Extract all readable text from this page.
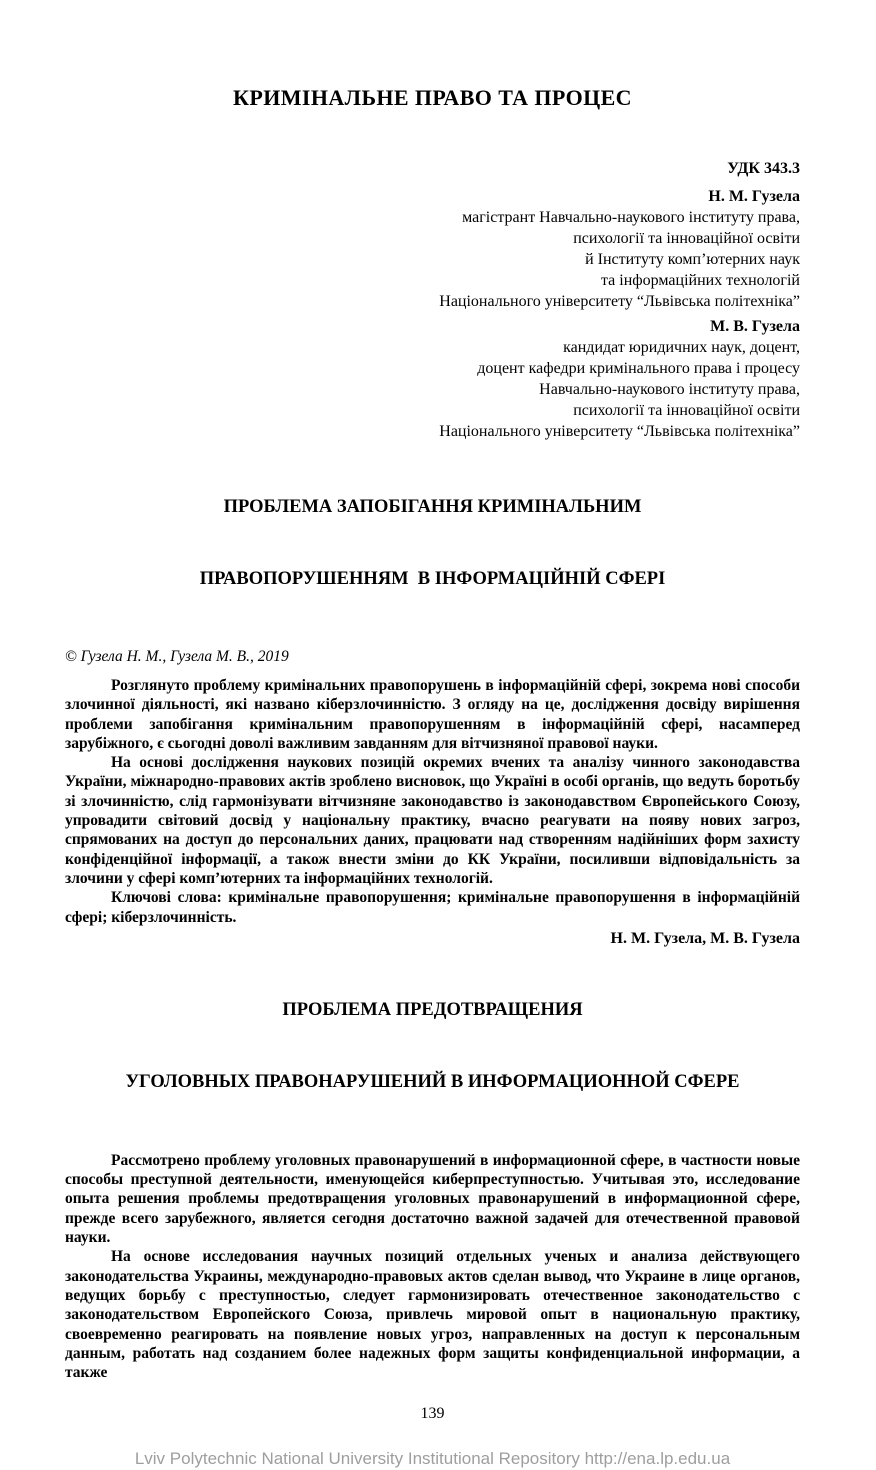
КРИМІНАЛЬНЕ ПРАВО ТА ПРОЦЕС
УДК 343.3
Н. М. Гузела
магістрант Навчально-наукового інституту права,
психології та інноваційної освіти
й Інституту комп’ютерних наук
та інформаційних технологій
Національного університету “Львівська політехніка”
М. В. Гузела
кандидат юридичних наук, доцент,
доцент кафедри кримінального права і процесу
Навчально-наукового інституту права,
психології та інноваційної освіти
Національного університету “Львівська політехніка”

ПРОБЛЕМА ЗАПОБІГАННЯ КРИМІНАЛЬНИМ

ПРАВОПОРУШЕННЯМ  В ІНФОРМАЦІЙНІЙ СФЕРІ

© Гузела Н. М., Гузела М. В., 2019

Розглянуто проблему кримінальних правопорушень в інформаційній сфері, зокрема нові способи злочинної діяльності, які названо кіберзлочинністю. З огляду на це, дослідження досвіду вирішення проблеми запобігання кримінальним правопорушенням в інформаційній сфері, насамперед зарубіжного, є сьогодні доволі важливим завданням для вітчизняної правової науки.

На основі дослідження наукових позицій окремих вчених та аналізу чинного законодавства України, міжнародно-правових актів зроблено висновок, що Україні в особі органів, що ведуть боротьбу зі злочинністю, слід гармонізувати вітчизняне законодавство із законодавством Європейського Союзу, упровадити світовий досвід у національну практику, вчасно реагувати на появу нових загроз, спрямованих на доступ до персональних даних, працювати над створенням надійніших форм захисту конфіденційної інформації, а також внести зміни до КК України, посиливши відповідальність за злочини у сфері комп’ютерних та інформаційних технологій.

Ключові слова: кримінальне правопорушення; кримінальне правопорушення в інформаційній сфері; кіберзлочинність.

Н. М. Гузела, М. В. Гузела

ПРОБЛЕМА ПРЕДОТВРАЩЕНИЯ

УГОЛОВНЫХ ПРАВОНАРУШЕНИЙ В ИНФОРМАЦИОННОЙ СФЕРЕ

Рассмотрено проблему уголовных правонарушений в информационной сфере, в частности новые способы преступной деятельности, именующейся киберпреступностью. Учитывая это, исследование опыта решения проблемы предотвращения уголовных правонарушений в информационной сфере, прежде всего зарубежного, является сегодня достаточно важной задачей для отечественной правовой науки.

На основе исследования научных позиций отдельных ученых и анализа действующего законодательства Украины, международно-правовых актов сделан вывод, что Украине в лице органов, ведущих борьбу с преступностью, следует гармонизировать отечественное законодательство с законодательством Европейского Союза, привлечь мировой опыт в национальную практику, своевременно реагировать на появление новых угроз, направленных на доступ к персональным данным, работать над созданием более надежных форм защиты конфиденциальной информации, а также

139
Lviv Polytechnic National University Institutional Repository http://ena.lp.edu.ua
